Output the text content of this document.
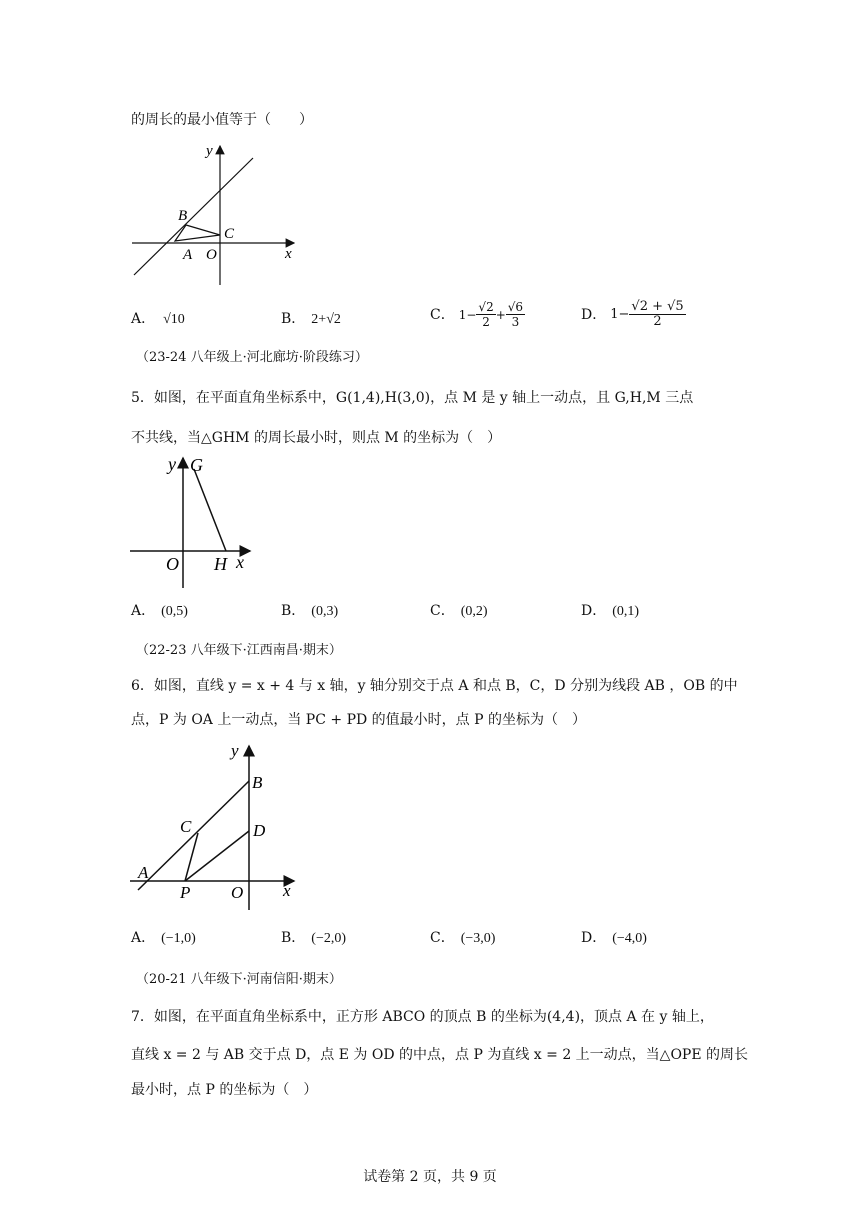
的周长的最小值等于（　　）
y
x
B
C
A O
A． √10	B． 2+√2	C． $1- \frac{√2}{2} + \frac{√6}{3}$	D． $1- \frac{√2 + √5}{2}$
（23-24 八年级上·河北廊坊·阶段练习）
5．如图，在平面直角坐标系中，G(1,4),H(3,0)，点 M 是 y 轴上一动点，且 G,H,M 三点
不共线，当△GHM 的周长最小时，则点 M 的坐标为（　）
y G
O H x
A． (0,5)	B． (0,3)	C． (0,2)	D． (0,1)
（22-23 八年级下·江西南昌·期末）
6．如图，直线 y = x + 4 与 x 轴，y 轴分别交于点 A 和点 B，C，D 分别为线段 AB ，OB 的中
点，P 为 OA 上一动点，当 PC + PD 的值最小时，点 P 的坐标为（　）
y
B
C	D
A
P O x
A． (−1,0)	B． (−2,0)	C． (−3,0)	D． (−4,0)
（20-21 八年级下·河南信阳·期末）
7．如图，在平面直角坐标系中，正方形 ABCO 的顶点 B 的坐标为(4,4)，顶点 A 在 y 轴上，
直线 x = 2 与 AB 交于点 D，点 E 为 OD 的中点，点 P 为直线 x = 2 上一动点，当△OPE 的周长
最小时，点 P 的坐标为（　）
试卷第 2 页，共 9 页
